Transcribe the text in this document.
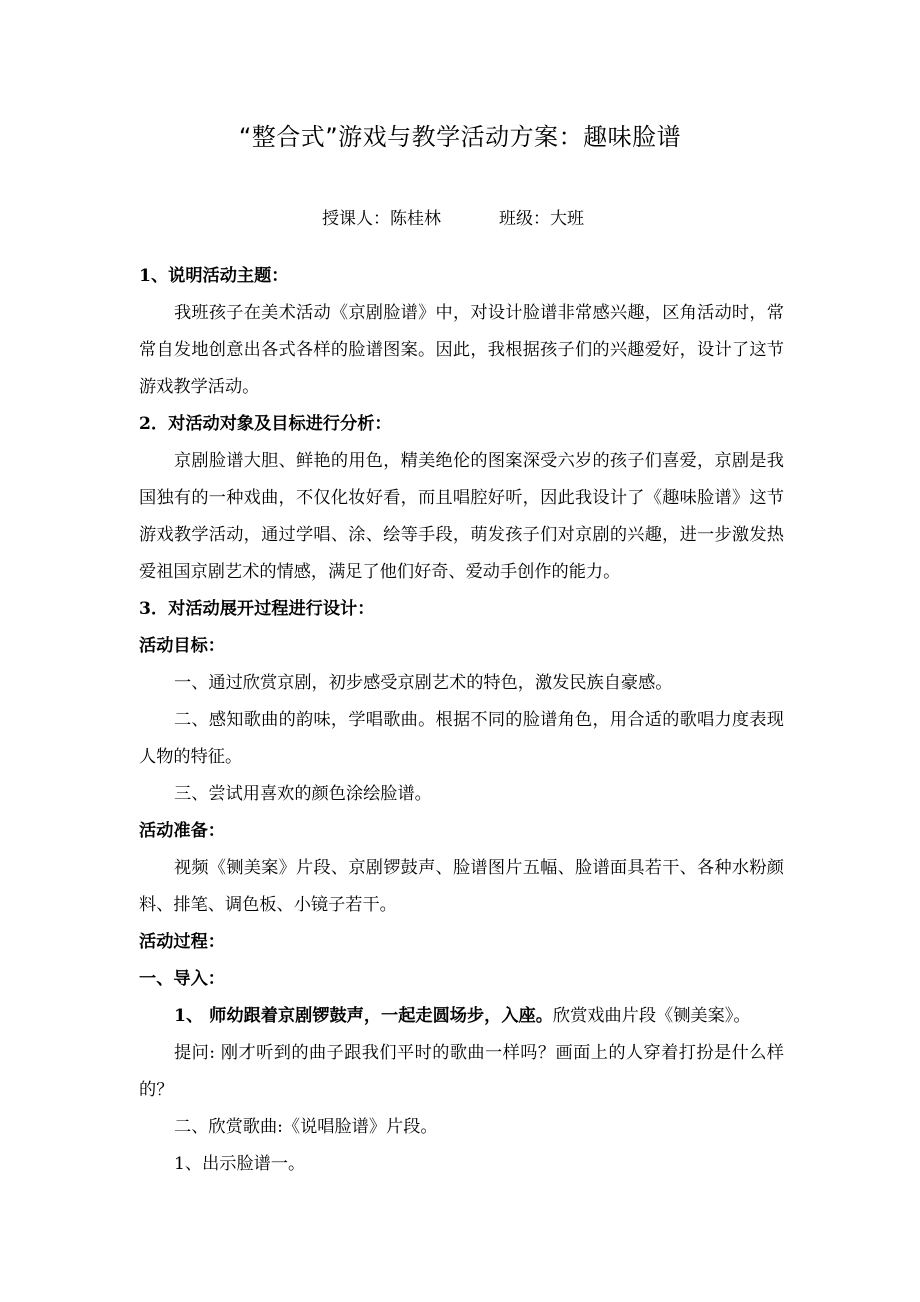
“整合式”游戏与教学活动方案：趣味脸谱
授课人：陈桂林	班级：大班

1、说明活动主题：

我班孩子在美术活动《京剧脸谱》中，对设计脸谱非常感兴趣，区角活动时，常常自发地创意出各式各样的脸谱图案。因此，我根据孩子们的兴趣爱好，设计了这节游戏教学活动。

2．对活动对象及目标进行分析：

京剧脸谱大胆、鲜艳的用色，精美绝伦的图案深受六岁的孩子们喜爱，京剧是我国独有的一种戏曲，不仅化妆好看，而且唱腔好听，因此我设计了《趣味脸谱》这节游戏教学活动，通过学唱、涂、绘等手段，萌发孩子们对京剧的兴趣，进一步激发热爱祖国京剧艺术的情感，满足了他们好奇、爱动手创作的能力。

3．对活动展开过程进行设计：

活动目标：

一、通过欣赏京剧，初步感受京剧艺术的特色，激发民族自豪感。

二、感知歌曲的韵味，学唱歌曲。根据不同的脸谱角色，用合适的歌唱力度表现人物的特征。

三、尝试用喜欢的颜色涂绘脸谱。

活动准备：

视频《铡美案》片段、京剧锣鼓声、脸谱图片五幅、脸谱面具若干、各种水粉颜料、排笔、调色板、小镜子若干。

活动过程：

一、导入：

1、 师幼跟着京剧锣鼓声，一起走圆场步，入座。欣赏戏曲片段《铡美案》。

提问: 刚才听到的曲子跟我们平时的歌曲一样吗？画面上的人穿着打扮是什么样的？

二、欣赏歌曲:《说唱脸谱》片段。

1、出示脸谱一。
